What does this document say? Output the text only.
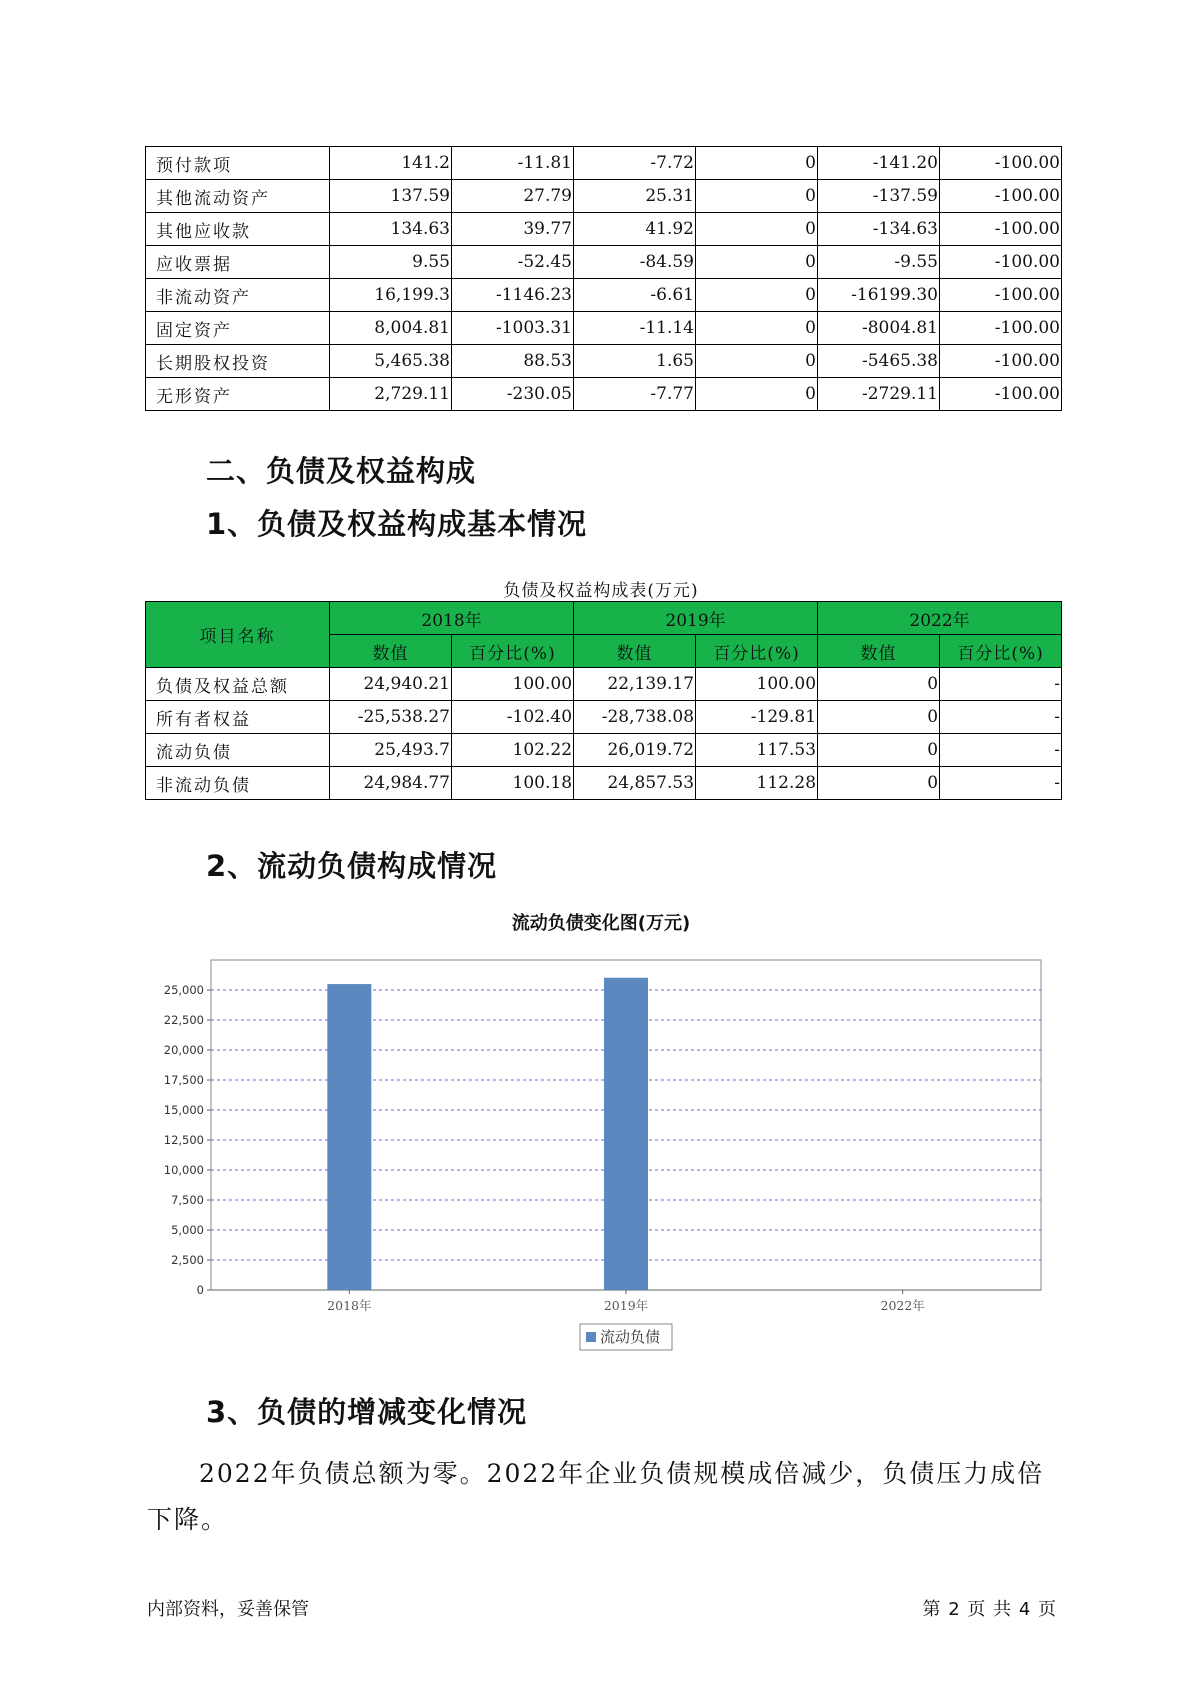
预付款项	141.2	-11.81	-7.72	0	-141.20	-100.00
其他流动资产	137.59	27.79	25.31	0	-137.59	-100.00
其他应收款	134.63	39.77	41.92	0	-134.63	-100.00
应收票据	9.55	-52.45	-84.59	0	-9.55	-100.00
非流动资产	16,199.3	-1146.23	-6.61	0	-16199.30	-100.00
固定资产	8,004.81	-1003.31	-11.14	0	-8004.81	-100.00
长期股权投资	5,465.38	88.53	1.65	0	-5465.38	-100.00
无形资产	2,729.11	-230.05	-7.77	0	-2729.11	-100.00
二、负债及权益构成
1、负债及权益构成基本情况
负债及权益构成表(万元)
项目名称	2018年		2019年		2022年	
	数值	百分比(%)	数值	百分比(%)	数值	百分比(%)
负债及权益总额	24,940.21	100.00	22,139.17	100.00	0	-
所有者权益	-25,538.27	-102.40	-28,738.08	-129.81	0	-
流动负债	25,493.7	102.22	26,019.72	117.53	0	-
非流动负债	24,984.77	100.18	24,857.53	112.28	0	-
2、流动负债构成情况
流动负债变化图(万元)
0
2,500
5,000
7,500
10,000
12,500
15,000
17,500
20,000
22,500
25,000
2018年	2019年	2022年
流动负债
3、负债的增减变化情况

2022年负债总额为零。2022年企业负债规模成倍减少，负债压力成倍
下降。

内部资料，妥善保管	第 2 页 共 4 页
